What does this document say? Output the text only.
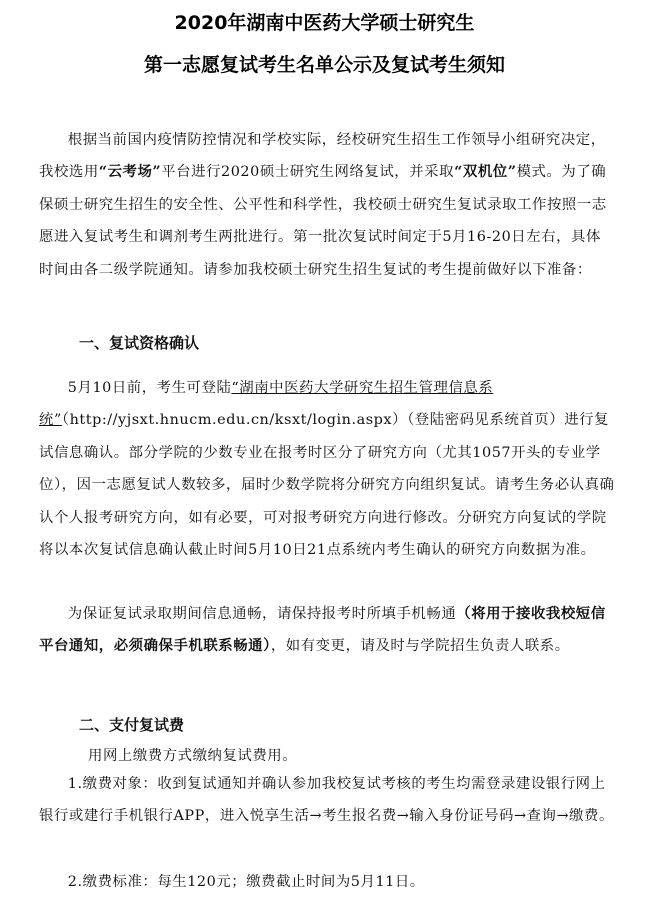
2020年湖南中医药大学硕士研究生
第一志愿复试考生名单公示及复试考生须知

根据当前国内疫情防控情况和学校实际，经校研究生招生工作领导小组研究决定，我校选用“云考场”平台进行2020硕士研究生网络复试，并采取“双机位”模式。为了确保硕士研究生招生的安全性、公平性和科学性，我校硕士研究生复试录取工作按照一志愿进入复试考生和调剂考生两批进行。第一批次复试时间定于5月16-20日左右，具体时间由各二级学院通知。请参加我校硕士研究生招生复试的考生提前做好以下准备：

一、复试资格确认

5月10日前，考生可登陆“湖南中医药大学研究生招生管理信息系统”（http://yjsxt.hnucm.edu.cn/ksxt/login.aspx）（登陆密码见系统首页）进行复试信息确认。部分学院的少数专业在报考时区分了研究方向（尤其1057开头的专业学位），因一志愿复试人数较多，届时少数学院将分研究方向组织复试。请考生务必认真确认个人报考研究方向，如有必要，可对报考研究方向进行修改。分研究方向复试的学院将以本次复试信息确认截止时间5月10日21点系统内考生确认的研究方向数据为准。

为保证复试录取期间信息通畅，请保持报考时所填手机畅通（将用于接收我校短信平台通知，必须确保手机联系畅通），如有变更，请及时与学院招生负责人联系。

二、支付复试费

用网上缴费方式缴纳复试费用。

1.缴费对象：收到复试通知并确认参加我校复试考核的考生均需登录建设银行网上银行或建行手机银行APP，进入悦享生活→考生报名费→输入身份证号码→查询→缴费。

2.缴费标准：每生120元；缴费截止时间为5月11日。
